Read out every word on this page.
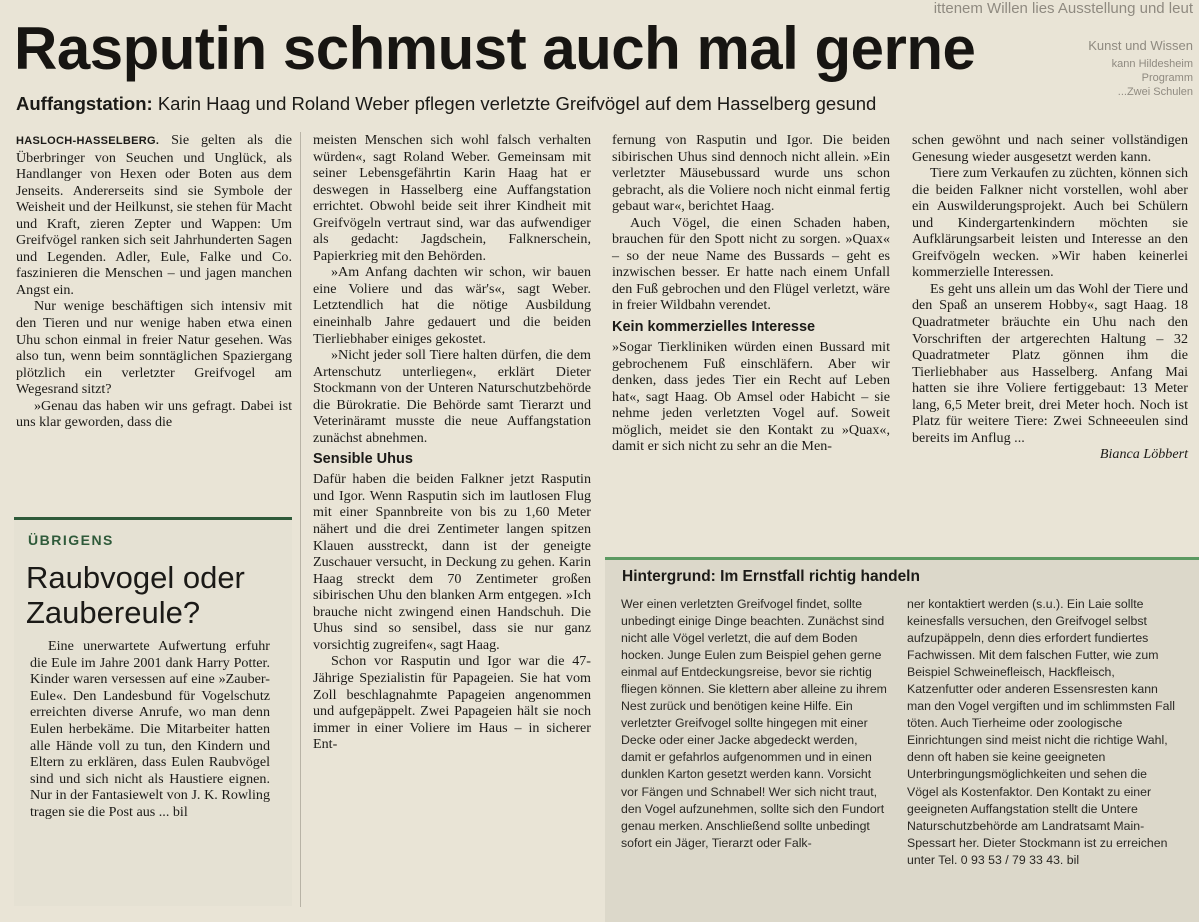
ittenem Willen lies Ausstellung und leut
Kunst und Wissen
kann Hildesheim
Programm
...Zwei Schulen
Rasputin schmust auch mal gerne
Auffangstation: Karin Haag und Roland Weber pflegen verletzte Greifvögel auf dem Hasselberg gesund

HASLOCH-HASSELBERG. Sie gelten als die Überbringer von Seuchen und Unglück, als Handlanger von Hexen oder Boten aus dem Jenseits. Andererseits sind sie Symbole der Weisheit und der Heilkunst, sie stehen für Macht und Kraft, zieren Zepter und Wappen: Um Greifvögel ranken sich seit Jahrhunderten Sagen und Legenden. Adler, Eule, Falke und Co. faszinieren die Menschen – und jagen manchen Angst ein.

Nur wenige beschäftigen sich intensiv mit den Tieren und nur wenige haben etwa einen Uhu schon einmal in freier Natur gesehen. Was also tun, wenn beim sonntäglichen Spaziergang plötzlich ein verletzter Greifvogel am Wegesrand sitzt?

»Genau das haben wir uns gefragt. Dabei ist uns klar geworden, dass die

ÜBRIGENS
Raubvogel oder Zaubereule?

Eine unerwartete Aufwertung erfuhr die Eule im Jahre 2001 dank Harry Potter. Kinder waren versessen auf eine »Zauber-Eule«. Den Landesbund für Vogelschutz erreichten diverse Anrufe, wo man denn Eulen herbekäme. Die Mitarbeiter hatten alle Hände voll zu tun, den Kindern und Eltern zu erklären, dass Eulen Raubvögel sind und sich nicht als Haustiere eignen. Nur in der Fantasiewelt von J. K. Rowling tragen sie die Post aus ... bil

meisten Menschen sich wohl falsch verhalten würden«, sagt Roland Weber. Gemeinsam mit seiner Lebensgefährtin Karin Haag hat er deswegen in Hasselberg eine Auffangstation errichtet. Obwohl beide seit ihrer Kindheit mit Greifvögeln vertraut sind, war das aufwendiger als gedacht: Jagdschein, Falknerschein, Papierkrieg mit den Behörden.

»Am Anfang dachten wir schon, wir bauen eine Voliere und das wär's«, sagt Weber. Letztendlich hat die nötige Ausbildung eineinhalb Jahre gedauert und die beiden Tierliebhaber einiges gekostet.

»Nicht jeder soll Tiere halten dürfen, die dem Artenschutz unterliegen«, erklärt Dieter Stockmann von der Unteren Naturschutzbehörde die Bürokratie. Die Behörde samt Tierarzt und Veterinäramt musste die neue Auffangstation zunächst abnehmen.

Sensible Uhus

Dafür haben die beiden Falkner jetzt Rasputin und Igor. Wenn Rasputin sich im lautlosen Flug mit einer Spannbreite von bis zu 1,60 Meter nähert und die drei Zentimeter langen spitzen Klauen ausstreckt, dann ist der geneigte Zuschauer versucht, in Deckung zu gehen. Karin Haag streckt dem 70 Zentimeter großen sibirischen Uhu den blanken Arm entgegen. »Ich brauche nicht zwingend einen Handschuh. Die Uhus sind so sensibel, dass sie nur ganz vorsichtig zugreifen«, sagt Haag.

Schon vor Rasputin und Igor war die 47-Jährige Spezialistin für Papageien. Sie hat vom Zoll beschlagnahmte Papageien angenommen und aufgepäppelt. Zwei Papageien hält sie noch immer in einer Voliere im Haus – in sicherer Ent-

fernung von Rasputin und Igor. Die beiden sibirischen Uhus sind dennoch nicht allein. »Ein verletzter Mäusebussard wurde uns schon gebracht, als die Voliere noch nicht einmal fertig gebaut war«, berichtet Haag.

Auch Vögel, die einen Schaden haben, brauchen für den Spott nicht zu sorgen. »Quax« – so der neue Name des Bussards – geht es inzwischen besser. Er hatte nach einem Unfall den Fuß gebrochen und den Flügel verletzt, wäre in freier Wildbahn verendet.

Kein kommerzielles Interesse

»Sogar Tierkliniken würden einen Bussard mit gebrochenem Fuß einschläfern. Aber wir denken, dass jedes Tier ein Recht auf Leben hat«, sagt Haag. Ob Amsel oder Habicht – sie nehme jeden verletzten Vogel auf. Soweit möglich, meidet sie den Kontakt zu »Quax«, damit er sich nicht zu sehr an die Men-

schen gewöhnt und nach seiner vollständigen Genesung wieder ausgesetzt werden kann.

Tiere zum Verkaufen zu züchten, können sich die beiden Falkner nicht vorstellen, wohl aber ein Auswilderungsprojekt. Auch bei Schülern und Kindergartenkindern möchten sie Aufklärungsarbeit leisten und Interesse an den Greifvögeln wecken. »Wir haben keinerlei kommerzielle Interessen.

Es geht uns allein um das Wohl der Tiere und den Spaß an unserem Hobby«, sagt Haag. 18 Quadratmeter bräuchte ein Uhu nach den Vorschriften der artgerechten Haltung – 32 Quadratmeter Platz gönnen ihm die Tierliebhaber aus Hasselberg. Anfang Mai hatten sie ihre Voliere fertiggebaut: 13 Meter lang, 6,5 Meter breit, drei Meter hoch. Noch ist Platz für weitere Tiere: Zwei Schneeeulen sind bereits im Anflug ...

Bianca Löbbert

Hintergrund: Im Ernstfall richtig handeln

Wer einen verletzten Greifvogel findet, sollte unbedingt einige Dinge beachten. Zunächst sind nicht alle Vögel verletzt, die auf dem Boden hocken. Junge Eulen zum Beispiel gehen gerne einmal auf Entdeckungsreise, bevor sie richtig fliegen können. Sie klettern aber alleine zu ihrem Nest zurück und benötigen keine Hilfe. Ein verletzter Greifvogel sollte hingegen mit einer Decke oder einer Jacke abgedeckt werden, damit er gefahrlos aufgenommen und in einen dunklen Karton gesetzt werden kann. Vorsicht vor Fängen und Schnabel! Wer sich nicht traut, den Vogel aufzunehmen, sollte sich den Fundort genau merken. Anschließend sollte unbedingt sofort ein Jäger, Tierarzt oder Falk-

ner kontaktiert werden (s.u.). Ein Laie sollte keinesfalls versuchen, den Greifvogel selbst aufzupäppeln, denn dies erfordert fundiertes Fachwissen. Mit dem falschen Futter, wie zum Beispiel Schweinefleisch, Hackfleisch, Katzenfutter oder anderen Essensresten kann man den Vogel vergiften und im schlimmsten Fall töten. Auch Tierheime oder zoologische Einrichtungen sind meist nicht die richtige Wahl, denn oft haben sie keine geeigneten Unterbringungsmöglichkeiten und sehen die Vögel als Kostenfaktor. Den Kontakt zu einer geeigneten Auffangstation stellt die Untere Naturschutzbehörde am Landratsamt Main-Spessart her. Dieter Stockmann ist zu erreichen unter Tel. 0 93 53 / 79 33 43. bil
